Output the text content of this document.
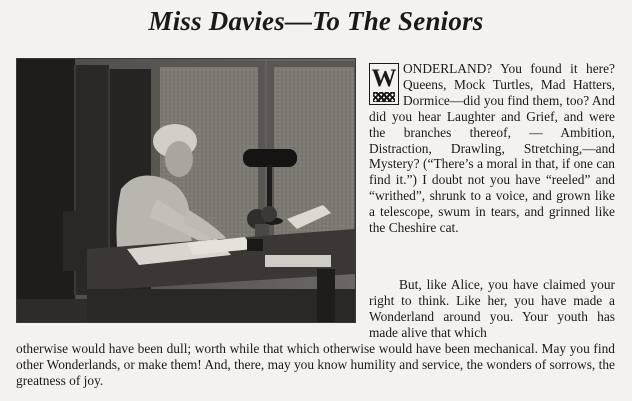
Miss Davies—To The Seniors

W ONDERLAND? You found it here? Queens, Mock Turtles, Mad Hatters, Dormice—did you find them, too? And did you hear Laughter and Grief, and were the branches thereof, — Ambition, Distraction, Drawling, Stretching,—and Mystery? (“There’s a moral in that, if one can find it.”) I doubt not you have “reeled” and “writhed”, shrunk to a voice, and grown like a telescope, swum in tears, and grinned like the Cheshire cat.

But, like Alice, you have claimed your right to think. Like her, you have made a Wonderland around you. Your youth has made alive that which

otherwise would have been dull; worth while that which otherwise would have been mechanical. May you find other Wonderlands, or make them! And, there, may you know humility and service, the wonders of sorrows, the greatness of joy.
